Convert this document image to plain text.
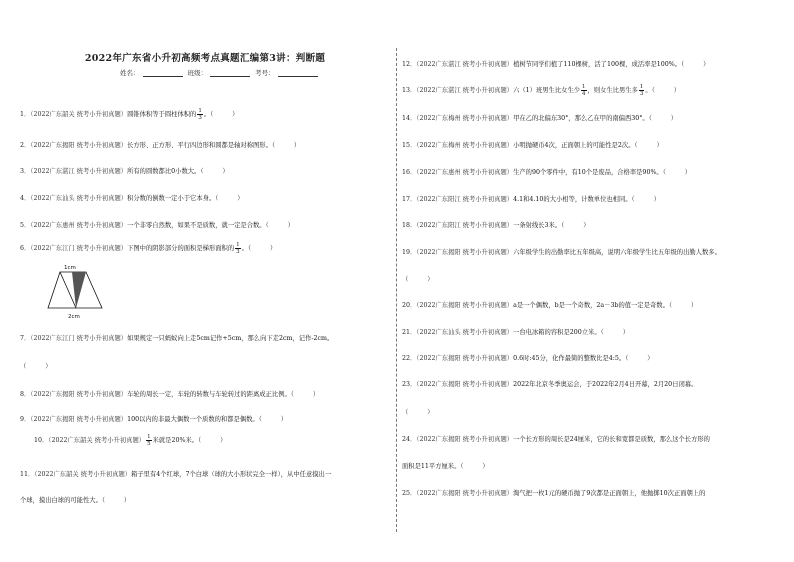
2022年广东省小升初高频考点真题汇编第3讲：判断题
姓名：	班级：	考号：
1．（2022广东韶关 统考小升初真题）圆锥体积等于圆柱体积的 $\frac{1}{3}$ 。（　　　）
2．（2022广东揭阳 统考小升初真题）长方形、正方形、平行四边形和圆都是轴对称图形。（　　　）
3．（2022广东湛江 统考小升初真题）所有的圆数都比0小数大。（　　　）
4．（2022广东汕头 统考小升初真题）积分数的倒数一定小于它本身。（　　　）
5．（2022广东惠州 统考小升初真题）一个非零自然数，如果不是质数，就一定是合数。（　　　）
6．（2022广东江门 统考小升初真题）下图中的阴影部分的面积是梯形面积的 $\frac{1}{3}$ 。（　　　）
1cm
2cm
7．（2022广东江门 统考小升初真题）如果规定一只蚂蚁向上走5cm记作+5cm，那么向下走2cm，记作-2cm。
（　　　）
8．（2022广东揭阳 统考小升初真题）车轮的周长一定，车轮的转数与车轮转过的距离成正比例。（　　　）
9．（2022广东揭阳 统考小升初真题）100以内的非最大偶数一个质数的和都是偶数。（　　　）
10．（2022广东韶关 统考小升初真题） $\frac{1}{5}$ 米就是20%米。（　　　）
11．（2022广东韶关 统考小升初真题）箱子里有4个红球，7个白球（球的大小形状完全一样），从中任意摸出一
个球，摸出白球的可能性大。（　　　）
12．（2022广东湛江 统考小升初真题）植树节同学们植了110棵树，活了100棵，成活率是100%。（　　　）
13．（2022广东湛江 统考小升初真题）六（1）班男生比女生少 $\frac{1}{4}$ ，则女生比男生多 $\frac{1}{3}$ 。（　　　）
14．（2022广东梅州 统考小升初真题）甲在乙的北偏东30°，那么乙在甲的南偏西30°。（　　　）
15．（2022广东梅州 统考小升初真题）小明抛硬币4次，正面朝上的可能性是2次。（　　　）
16．（2022广东惠州 统考小升初真题）生产的90个零件中，有10个是废品，合格率是90%。（　　　）
17．（2022广东阳江 统考小升初真题）4.1和4.10的大小相等，计数单位也相同。（　　　）
18．（2022广东阳江 统考小升初真题）一条射线长3米。（　　　）
19．（2022广东揭阳 统考小升初真题）六年级学生的出勤率比五年级高，说明六年级学生比五年级的出勤人数多。
（　　　）
20．（2022广东揭阳 统考小升初真题）a是一个偶数，b是一个奇数，2a－3b的值一定是奇数。（　　　）
21．（2022广东汕头 统考小升初真题）一台电冰箱的容积是200立米。（　　　）
22．（2022广东揭阳 统考小升初真题）0.6时:45分，化作最简的整数比是4:5。（　　　）
23．（2022广东揭阳 统考小升初真题）2022年北京冬季奥运会，于2022年2月4日开幕，2月20日闭幕。
（　　　）
24．（2022广东揭阳 统考小升初真题）一个长方形的周长是24厘米，它的长和宽都是质数，那么这个长方形的
面积是11平方厘米。（　　　）
25．（2022广东揭阳 统考小升初真题）淘气把一枚1元的硬币抛了9次都是正面朝上，他抛掷10次正面朝上的
